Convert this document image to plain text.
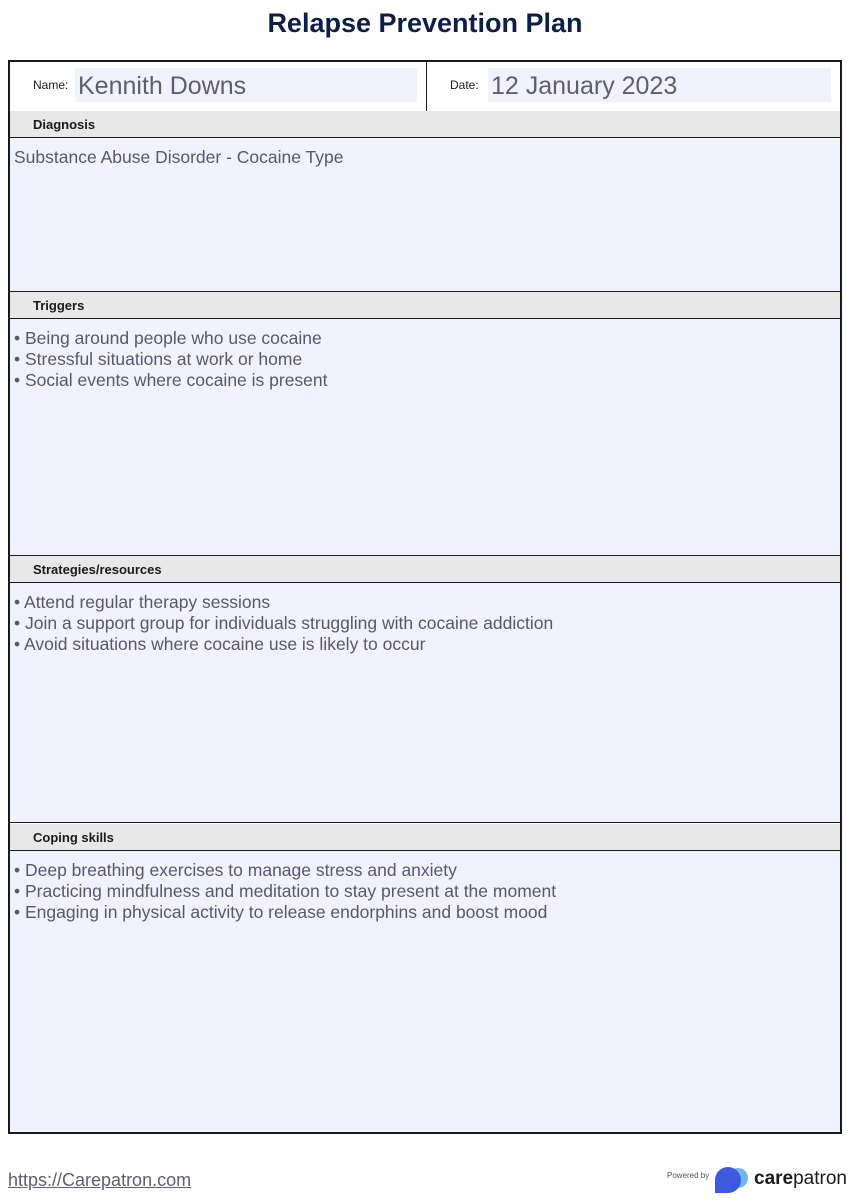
Relapse Prevention Plan
Name: Kennith Downs	Date: 12 January 2023
Diagnosis
Substance Abuse Disorder - Cocaine Type
Triggers
• Being around people who use cocaine
• Stressful situations at work or home
• Social events where cocaine is present
Strategies/resources
• Attend regular therapy sessions
• Join a support group for individuals struggling with cocaine addiction
• Avoid situations where cocaine use is likely to occur
Coping skills
• Deep breathing exercises to manage stress and anxiety
• Practicing mindfulness and meditation to stay present at the moment
• Engaging in physical activity to release endorphins and boost mood
https://Carepatron.com	Powered by carepatron
